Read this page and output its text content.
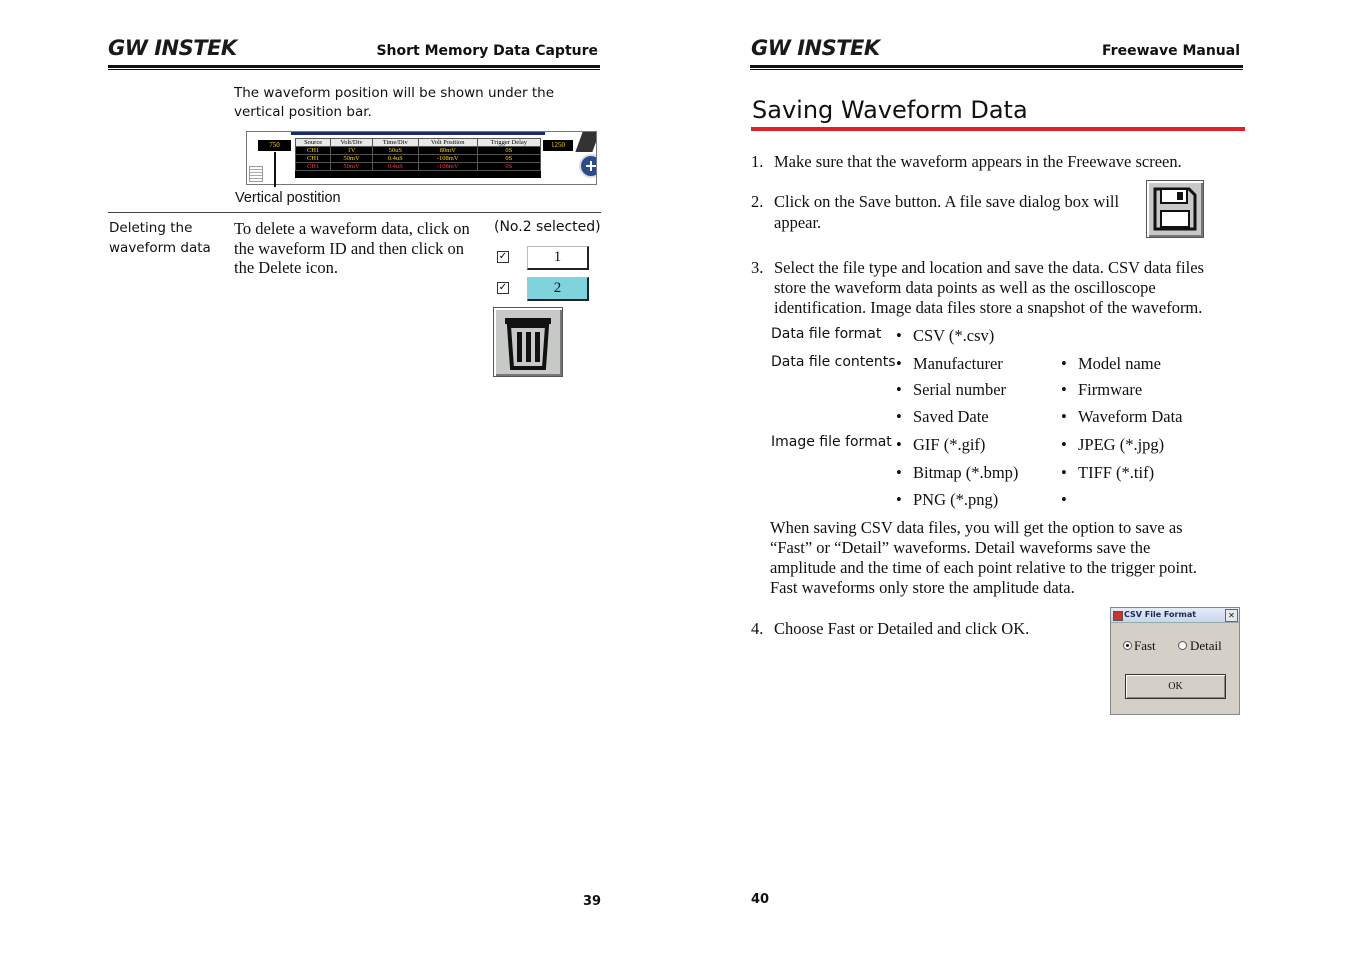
GW INSTEK	Short Memory Data Capture
The waveform position will be shown under the
vertical position bar.
750	Source	Volt/Div	Time/Div	Volt Position	Trigger Delay
CH1	1V	50uS	80mV	0S
CH1	50mV	0.4uS	-108mV	0S
CH1	50mV	0.4uS	-108mV	0S
1250
Vertical postition
Deleting the
waveform data
To delete a waveform data, click on
the waveform ID and then click on
the Delete icon.
(No.2 selected)
✓	1
✓	2
39
GW INSTEK	Freewave Manual
Saving Waveform Data
1. Make sure that the waveform appears in the Freewave screen.
2. Click on the Save button. A file save dialog box will
appear.
3. Select the file type and location and save the data. CSV data files
store the waveform data points as well as the oscilloscope
identification. Image data files store a snapshot of the waveform.
Data file format • CSV (*.csv)
Data file contents • Manufacturer	• Model name
• Serial number	• Firmware
• Saved Date	• Waveform Data
Image file format • GIF (*.gif)	• JPEG (*.jpg)
• Bitmap (*.bmp)	• TIFF (*.tif)
• PNG (*.png)	•
When saving CSV data files, you will get the option to save as
“Fast” or “Detail” waveforms. Detail waveforms save the
amplitude and the time of each point relative to the trigger point.
Fast waveforms only store the amplitude data.
4. Choose Fast or Detailed and click OK.
CSV File Format	✕
Fast	Detail
OK
40
